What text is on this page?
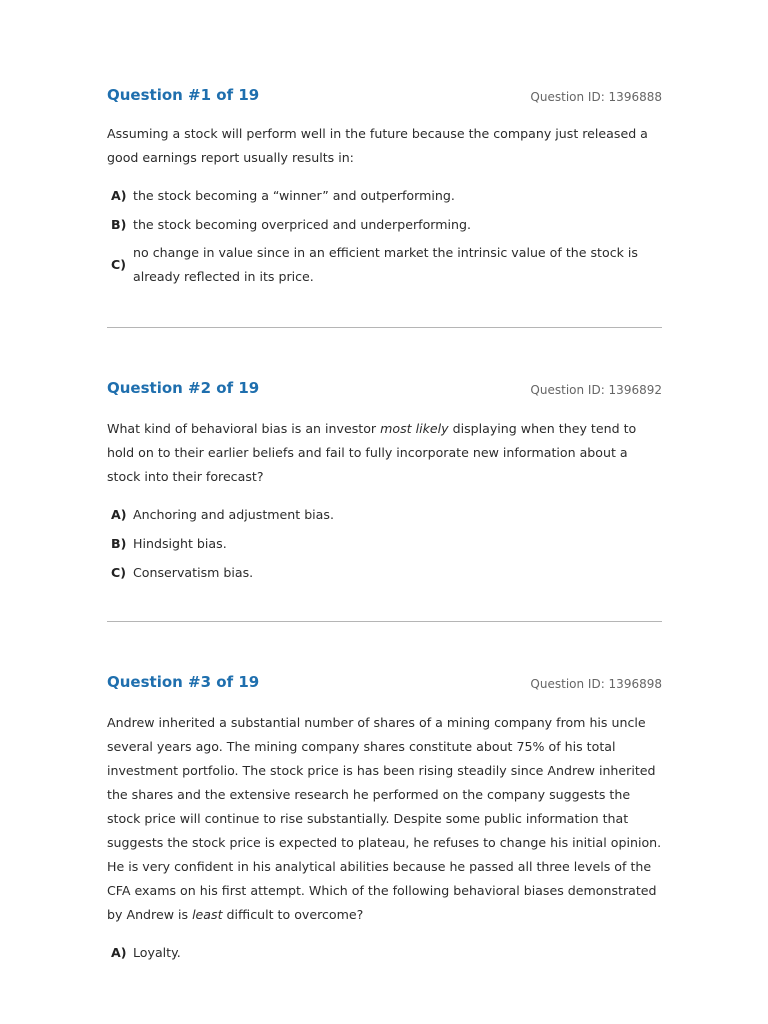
Question #1 of 19	Question ID: 1396888
Assuming a stock will perform well in the future because the company just released a good earnings report usually results in:
A) the stock becoming a “winner” and outperforming.
B) the stock becoming overpriced and underperforming.
C)
no change in value since in an efficient market the intrinsic value of the stock is already reflected in its price.
Question #2 of 19	Question ID: 1396892
What kind of behavioral bias is an investor most likely displaying when they tend to hold on to their earlier beliefs and fail to fully incorporate new information about a stock into their forecast?
A) Anchoring and adjustment bias.
B) Hindsight bias.
C) Conservatism bias.
Question #3 of 19	Question ID: 1396898
Andrew inherited a substantial number of shares of a mining company from his uncle several years ago. The mining company shares constitute about 75% of his total investment portfolio. The stock price is has been rising steadily since Andrew inherited the shares and the extensive research he performed on the company suggests the stock price will continue to rise substantially. Despite some public information that suggests the stock price is expected to plateau, he refuses to change his initial opinion. He is very confident in his analytical abilities because he passed all three levels of the CFA exams on his first attempt. Which of the following behavioral biases demonstrated by Andrew is least difficult to overcome?
A) Loyalty.
